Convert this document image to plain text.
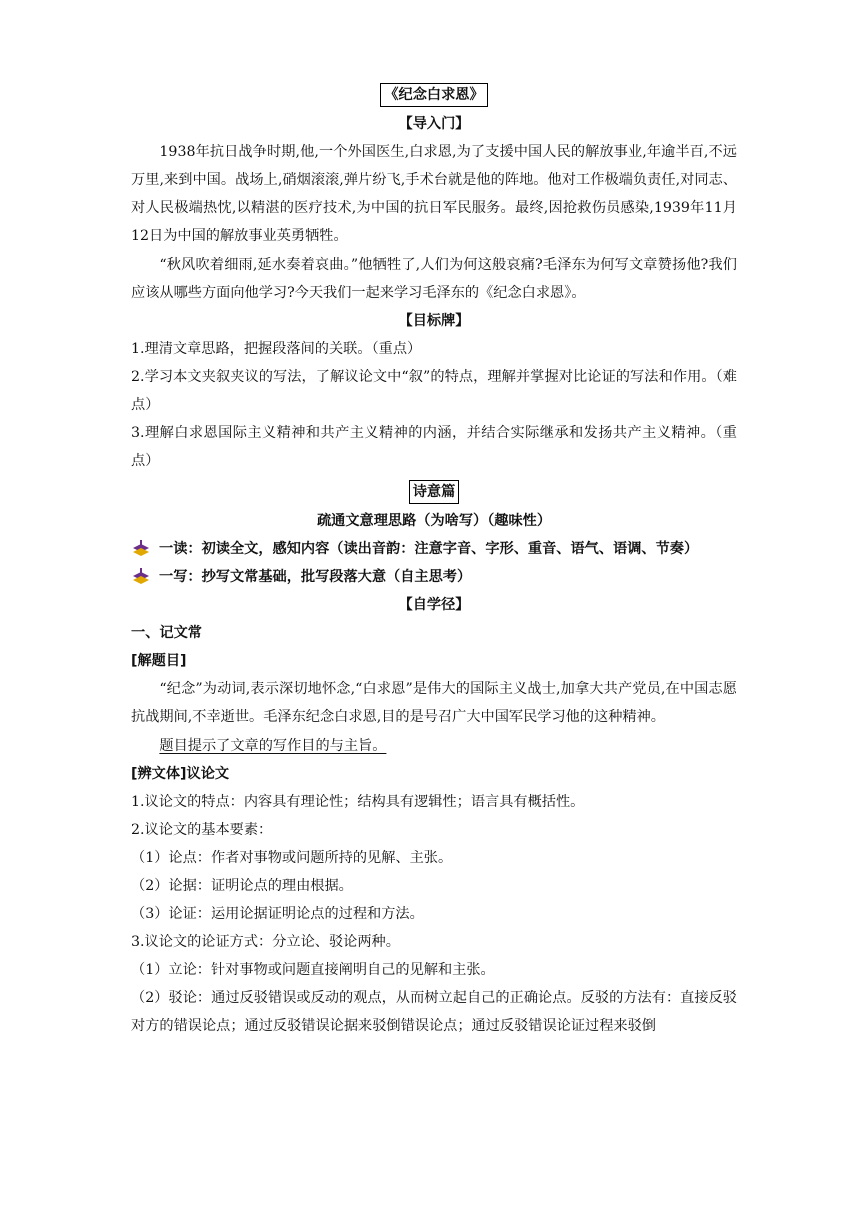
《纪念白求恩》

【导入门】

1938年抗日战争时期,他,一个外国医生,白求恩,为了支援中国人民的解放事业,年逾半百,不远万里,来到中国。战场上,硝烟滚滚,弹片纷飞,手术台就是他的阵地。他对工作极端负责任,对同志、对人民极端热忱,以精湛的医疗技术,为中国的抗日军民服务。最终,因抢救伤员感染,1939年11月12日为中国的解放事业英勇牺牲。

“秋风吹着细雨,延水奏着哀曲。”他牺牲了,人们为何这般哀痛?毛泽东为何写文章赞扬他?我们应该从哪些方面向他学习?今天我们一起来学习毛泽东的《纪念白求恩》。

【目标牌】

1.理清文章思路，把握段落间的关联。（重点）

2.学习本文夹叙夹议的写法，了解议论文中“叙”的特点，理解并掌握对比论证的写法和作用。（难点）

3.理解白求恩国际主义精神和共产主义精神的内涵，并结合实际继承和发扬共产主义精神。（重点）

诗意篇

疏通文意理思路（为啥写）（趣味性）

一读：初读全文，感知内容（读出音韵：注意字音、字形、重音、语气、语调、节奏）
一写：抄写文常基础，批写段落大意（自主思考）

【自学径】

一、记文常

[解题目]

“纪念”为动词,表示深切地怀念,“白求恩”是伟大的国际主义战士,加拿大共产党员,在中国志愿抗战期间,不幸逝世。毛泽东纪念白求恩,目的是号召广大中国军民学习他的这种精神。

题目提示了文章的写作目的与主旨。

[辨文体]议论文

1.议论文的特点：内容具有理论性；结构具有逻辑性；语言具有概括性。

2.议论文的基本要素：

（1）论点：作者对事物或问题所持的见解、主张。

（2）论据：证明论点的理由根据。

（3）论证：运用论据证明论点的过程和方法。

3.议论文的论证方式：分立论、驳论两种。

（1）立论：针对事物或问题直接阐明自己的见解和主张。

（2）驳论：通过反驳错误或反动的观点，从而树立起自己的正确论点。反驳的方法有：直接反驳对方的错误论点；通过反驳错误论据来驳倒错误论点；通过反驳错误论证过程来驳倒
